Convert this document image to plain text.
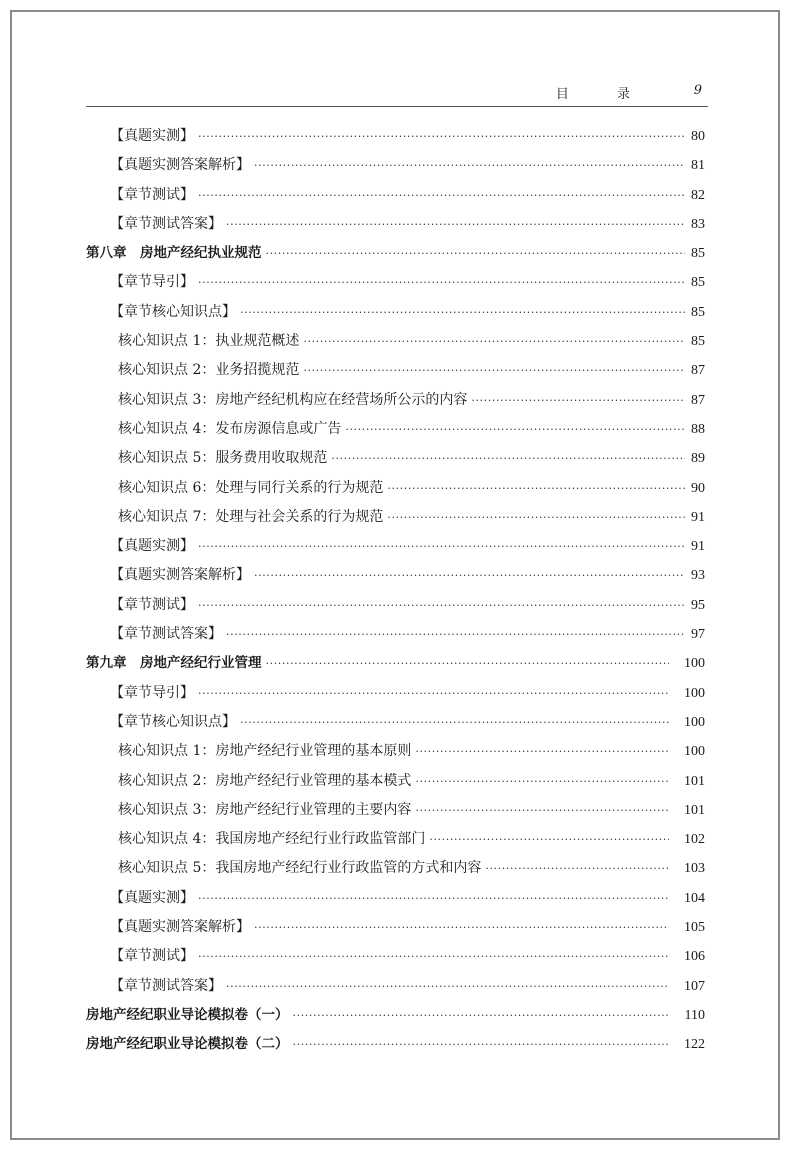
目 录	9
【真题实测】 ·····	80
【真题实测答案解析】 ·····	81
【章节测试】 ·····	82
【章节测试答案】 ·····	83
第八章　房地产经纪执业规范 ·····	85
【章节导引】 ·····	85
【章节核心知识点】 ·····	85
核心知识点 1：执业规范概述 ·····	85
核心知识点 2：业务招揽规范 ·····	87
核心知识点 3：房地产经纪机构应在经营场所公示的内容 ·····	87
核心知识点 4：发布房源信息或广告 ·····	88
核心知识点 5：服务费用收取规范 ·····	89
核心知识点 6：处理与同行关系的行为规范 ·····	90
核心知识点 7：处理与社会关系的行为规范 ·····	91
【真题实测】 ·····	91
【真题实测答案解析】 ·····	93
【章节测试】 ·····	95
【章节测试答案】 ·····	97
第九章　房地产经纪行业管理 ·····	100
【章节导引】 ·····	100
【章节核心知识点】 ·····	100
核心知识点 1：房地产经纪行业管理的基本原则 ·····	100
核心知识点 2：房地产经纪行业管理的基本模式 ·····	101
核心知识点 3：房地产经纪行业管理的主要内容 ·····	101
核心知识点 4：我国房地产经纪行业行政监管部门 ·····	102
核心知识点 5：我国房地产经纪行业行政监管的方式和内容 ·····	103
【真题实测】 ·····	104
【真题实测答案解析】 ·····	105
【章节测试】 ·····	106
【章节测试答案】 ·····	107
房地产经纪职业导论模拟卷（一） ·····	110
房地产经纪职业导论模拟卷（二） ·····	122
